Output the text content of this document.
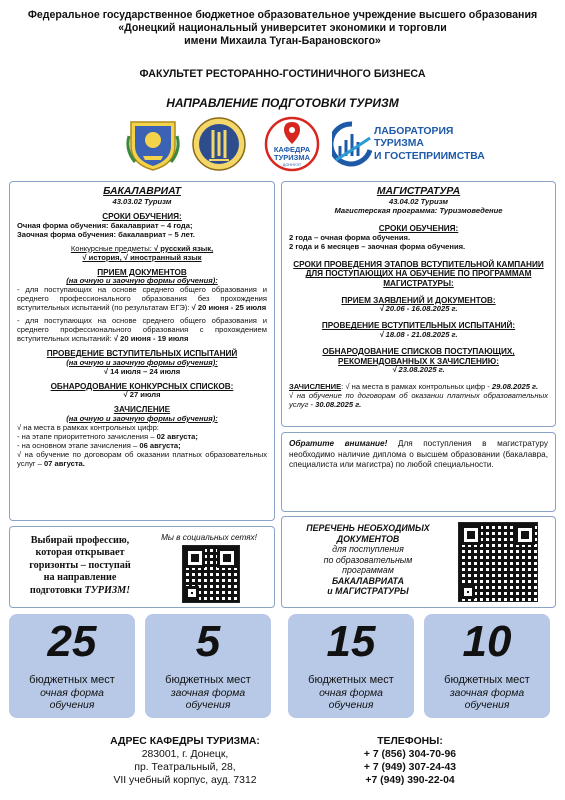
Федеральное государственное бюджетное образовательное учреждение высшего образования
«Донецкий национальный университет экономики и торговли
имени Михаила Туган-Барановского»
ФАКУЛЬТЕТ РЕСТОРАННО-ГОСТИНИЧНОГО БИЗНЕСА
НАПРАВЛЕНИЕ ПОДГОТОВКИ ТУРИЗМ
КАФЕДРА
ТУРИЗМА
ДОННУЭТ
ЛАБОРАТОРИЯ
ТУРИЗМА
И ГОСТЕПРИИМСТВА
БАКАЛАВРИАТ
43.03.02 Туризм
СРОКИ ОБУЧЕНИЯ:
Очная форма обучения: бакалавриат – 4 года;
Заочная форма обучения: бакалавриат – 5 лет.
Конкурсные предметы: √ русский язык,
√ история, √ иностранный язык
ПРИЕМ ДОКУМЕНТОВ
(на очную и заочную формы обучения):
- для поступающих на основе среднего общего образования и среднего профессионального образования без прохождения вступительных испытаний (по результатам ЕГЭ): √ 20 июня - 25 июля
- для поступающих на основе среднего общего образования и среднего профессионального образования с прохождением вступительных испытаний: √ 20 июня - 19 июля
ПРОВЕДЕНИЕ ВСТУПИТЕЛЬНЫХ ИСПЫТАНИЙ
(на очную и заочную формы обучения):
√ 14 июля – 24 июля
ОБНАРОДОВАНИЕ КОНКУРСНЫХ СПИСКОВ:
√ 27 июля
ЗАЧИСЛЕНИЕ
(на очную и заочную формы обучения):
√ на места в рамках контрольных цифр:
- на этапе приоритетного зачисления – 02 августа;
- на основном этапе зачисления – 06 августа;
√ на обучение по договорам об оказании платных образовательных услуг – 07 августа.
МАГИСТРАТУРА
43.04.02 Туризм
Магистерская программа: Туризмоведение
СРОКИ ОБУЧЕНИЯ:
2 года – очная форма обучения.
2 года и 6 месяцев – заочная форма обучения.
СРОКИ ПРОВЕДЕНИЯ ЭТАПОВ ВСТУПИТЕЛЬНОЙ КАМПАНИИ ДЛЯ ПОСТУПАЮЩИХ НА ОБУЧЕНИЕ ПО ПРОГРАММАМ МАГИСТРАТУРЫ:
ПРИЕМ ЗАЯВЛЕНИЙ И ДОКУМЕНТОВ:
√ 20.06 - 16.08.2025 г.
ПРОВЕДЕНИЕ ВСТУПИТЕЛЬНЫХ ИСПЫТАНИЙ:
√ 18.08 - 21.08.2025 г.
ОБНАРОДОВАНИЕ СПИСКОВ ПОСТУПАЮЩИХ, РЕКОМЕНДОВАННЫХ К ЗАЧИСЛЕНИЮ:
√ 23.08.2025 г.
ЗАЧИСЛЕНИЕ: √ на места в рамках контрольных цифр - 29.08.2025 г.
√ на обучение по договорам об оказании платных образовательных услуг - 30.08.2025 г.
Обратите внимание! Для поступления в магистратуру необходимо наличие диплома о высшем образовании (бакалавра, специалиста или магистра) по любой специальности.
ПЕРЕЧЕНЬ НЕОБХОДИМЫХ
ДОКУМЕНТОВ
для поступления
по образовательным
программам
БАКАЛАВРИАТА
и МАГИСТРАТУРЫ
Выбирай профессию,
которая открывает
горизонты – поступай
на направление
подготовки ТУРИЗМ!
Мы в социальных сетях!
25
бюджетных мест
очная форма
обучения
5
бюджетных мест
заочная форма
обучения
15
бюджетных мест
очная форма
обучения
10
бюджетных мест
заочная форма
обучения
АДРЕС КАФЕДРЫ ТУРИЗМА:
283001, г. Донецк,
пр. Театральный, 28,
VII учебный корпус, ауд. 7312
ТЕЛЕФОНЫ:
+ 7 (856) 304-70-96
+ 7 (949) 307-24-43
+7 (949) 390-22-04
